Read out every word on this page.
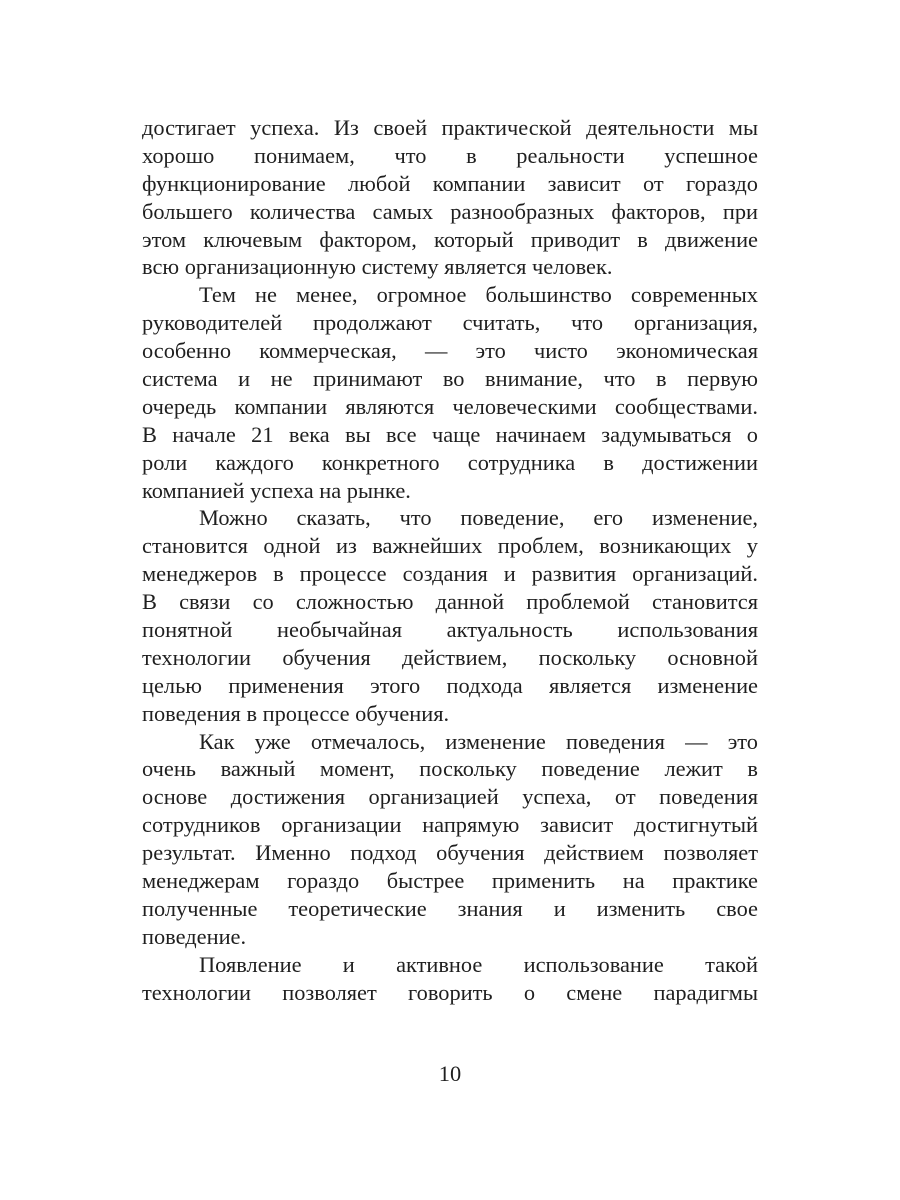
достигает успеха. Из своей практической деятельности мы
хорошо понимаем, что в реальности успешное
функционирование любой компании зависит от гораздо
большего количества самых разнообразных факторов, при
этом ключевым фактором, который приводит в движение
всю организационную систему является человек.
Тем не менее, огромное большинство современных
руководителей продолжают считать, что организация,
особенно коммерческая, — это чисто экономическая
система и не принимают во внимание, что в первую
очередь компании являются человеческими сообществами.
В начале 21 века вы все чаще начинаем задумываться о
роли каждого конкретного сотрудника в достижении
компанией успеха на рынке.
Можно сказать, что поведение, его изменение,
становится одной из важнейших проблем, возникающих у
менеджеров в процессе создания и развития организаций.
В связи со сложностью данной проблемой становится
понятной необычайная актуальность использования
технологии обучения действием, поскольку основной
целью применения этого подхода является изменение
поведения в процессе обучения.
Как уже отмечалось, изменение поведения — это
очень важный момент, поскольку поведение лежит в
основе достижения организацией успеха, от поведения
сотрудников организации напрямую зависит достигнутый
результат. Именно подход обучения действием позволяет
менеджерам гораздо быстрее применить на практике
полученные теоретические знания и изменить свое
поведение.
Появление и активное использование такой
технологии позволяет говорить о смене парадигмы
10
